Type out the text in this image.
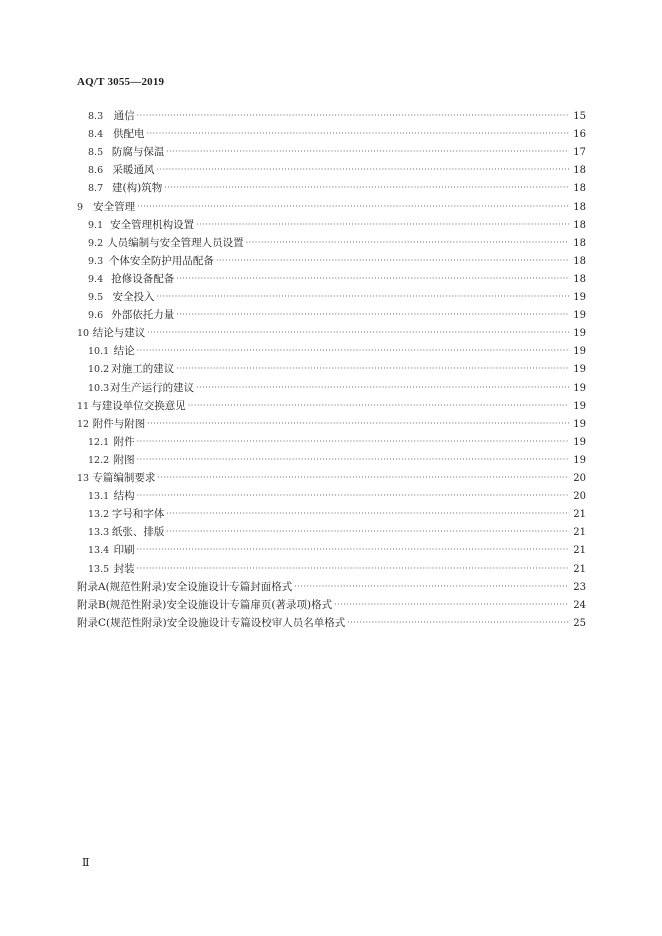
AQ/T 3055—2019
8.3	通信 ·····	15
8.4 供配电 ·····	16
8.5 防腐与保温 ·····	17
8.6 采暖通风 ·····	18
8.7 建(构)筑物 ·····	18
9 安全管理 ·····	18
9.1 安全管理机构设置 ·····	18
9.2 人员编制与安全管理人员设置 ·····	18
9.3 个体安全防护用品配备 ·····	18
9.4 抢修设备配备 ·····	18
9.5 安全投入 ·····	19
9.6 外部依托力量 ·····	19
10 结论与建议 ·····	19
10.1 结论 ·····	19
10.2 对施工的建议 ·····	19
10.3 对生产运行的建议 ·····	19
11 与建设单位交换意见 ·····	19
12 附件与附图 ·····	19
12.1 附件 ·····	19
12.2 附图 ·····	19
13 专篇编制要求 ·····	20
13.1 结构 ·····	20
13.2 字号和字体 ·····	21
13.3 纸张、排版 ·····	21
13.4 印刷 ·····	21
13.5 封装 ·····	21
附录A(规范性附录) 安全设施设计专篇封面格式 ·····	23
附录B(规范性附录) 安全设施设计专篇扉页(著录项)格式 ·····	24
附录C(规范性附录) 安全设施设计专篇设校审人员名单格式 ·····	25
Ⅱ
